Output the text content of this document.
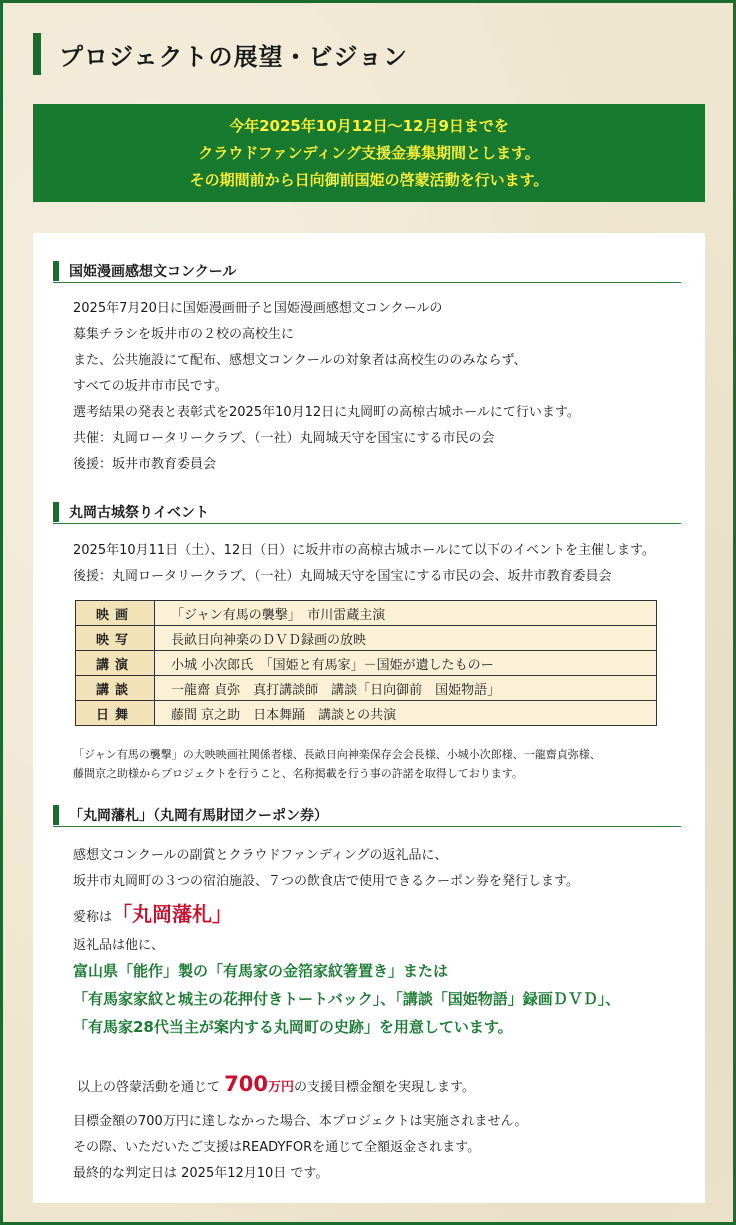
プロジェクトの展望・ビジョン
今年2025年10月12日〜12月9日までを
クラウドファンディング支援金募集期間とします。
その期間前から日向御前国姫の啓蒙活動を行います。
国姫漫画感想文コンクール
2025年7月20日に国姫漫画冊子と国姫漫画感想文コンクールの
募集チラシを坂井市の２校の高校生に
また、公共施設にて配布、感想文コンクールの対象者は高校生ののみならず、
すべての坂井市市民です。
選考結果の発表と表彰式を2025年10月12日に丸岡町の高椋古城ホールにて行います。
共催：丸岡ロータリークラブ、（一社）丸岡城天守を国宝にする市民の会
後援：坂井市教育委員会
丸岡古城祭りイベント
2025年10月11日（土）、12日（日）に坂井市の高椋古城ホールにて以下のイベントを主催します。
後援：丸岡ロータリークラブ、（一社）丸岡城天守を国宝にする市民の会、坂井市教育委員会
映画	「ジャン有馬の襲撃」　市川雷蔵主演
映写	長畝日向神楽のＤＶＤ録画の放映
講演	小城 小次郎氏　「国姫と有馬家」－国姫が遺したものー
講談	一龍齋 貞弥　真打講談師　講談「日向御前　国姫物語」
日舞	藤間 京之助　日本舞踊　講談との共演
「ジャン有馬の襲撃」の大映映画社関係者様、長畝日向神楽保存会会長様、小城小次郎様、一龍齋貞弥様、
藤間京之助様からプロジェクトを行うこと、名称掲載を行う事の許諾を取得しております。
「丸岡藩札」（丸岡有馬財団クーポン券）
感想文コンクールの副賞とクラウドファンディングの返礼品に、
坂井市丸岡町の３つの宿泊施設、７つの飲食店で使用できるクーポン券を発行します。
愛称は「丸岡藩札」
返礼品は他に、
富山県「能作」製の「有馬家の金箔家紋箸置き」または
「有馬家家紋と城主の花押付きトートバック」、「講談「国姫物語」録画ＤＶＤ」、
「有馬家28代当主が案内する丸岡町の史跡」を用意しています。
以上の啓蒙活動を通じて 700万円の支援目標金額を実現します。
目標金額の700万円に達しなかった場合、本プロジェクトは実施されません。
その際、いただいたご支援はREADYFORを通じて全額返金されます。
最終的な判定日は 2025年12月10日 です。
